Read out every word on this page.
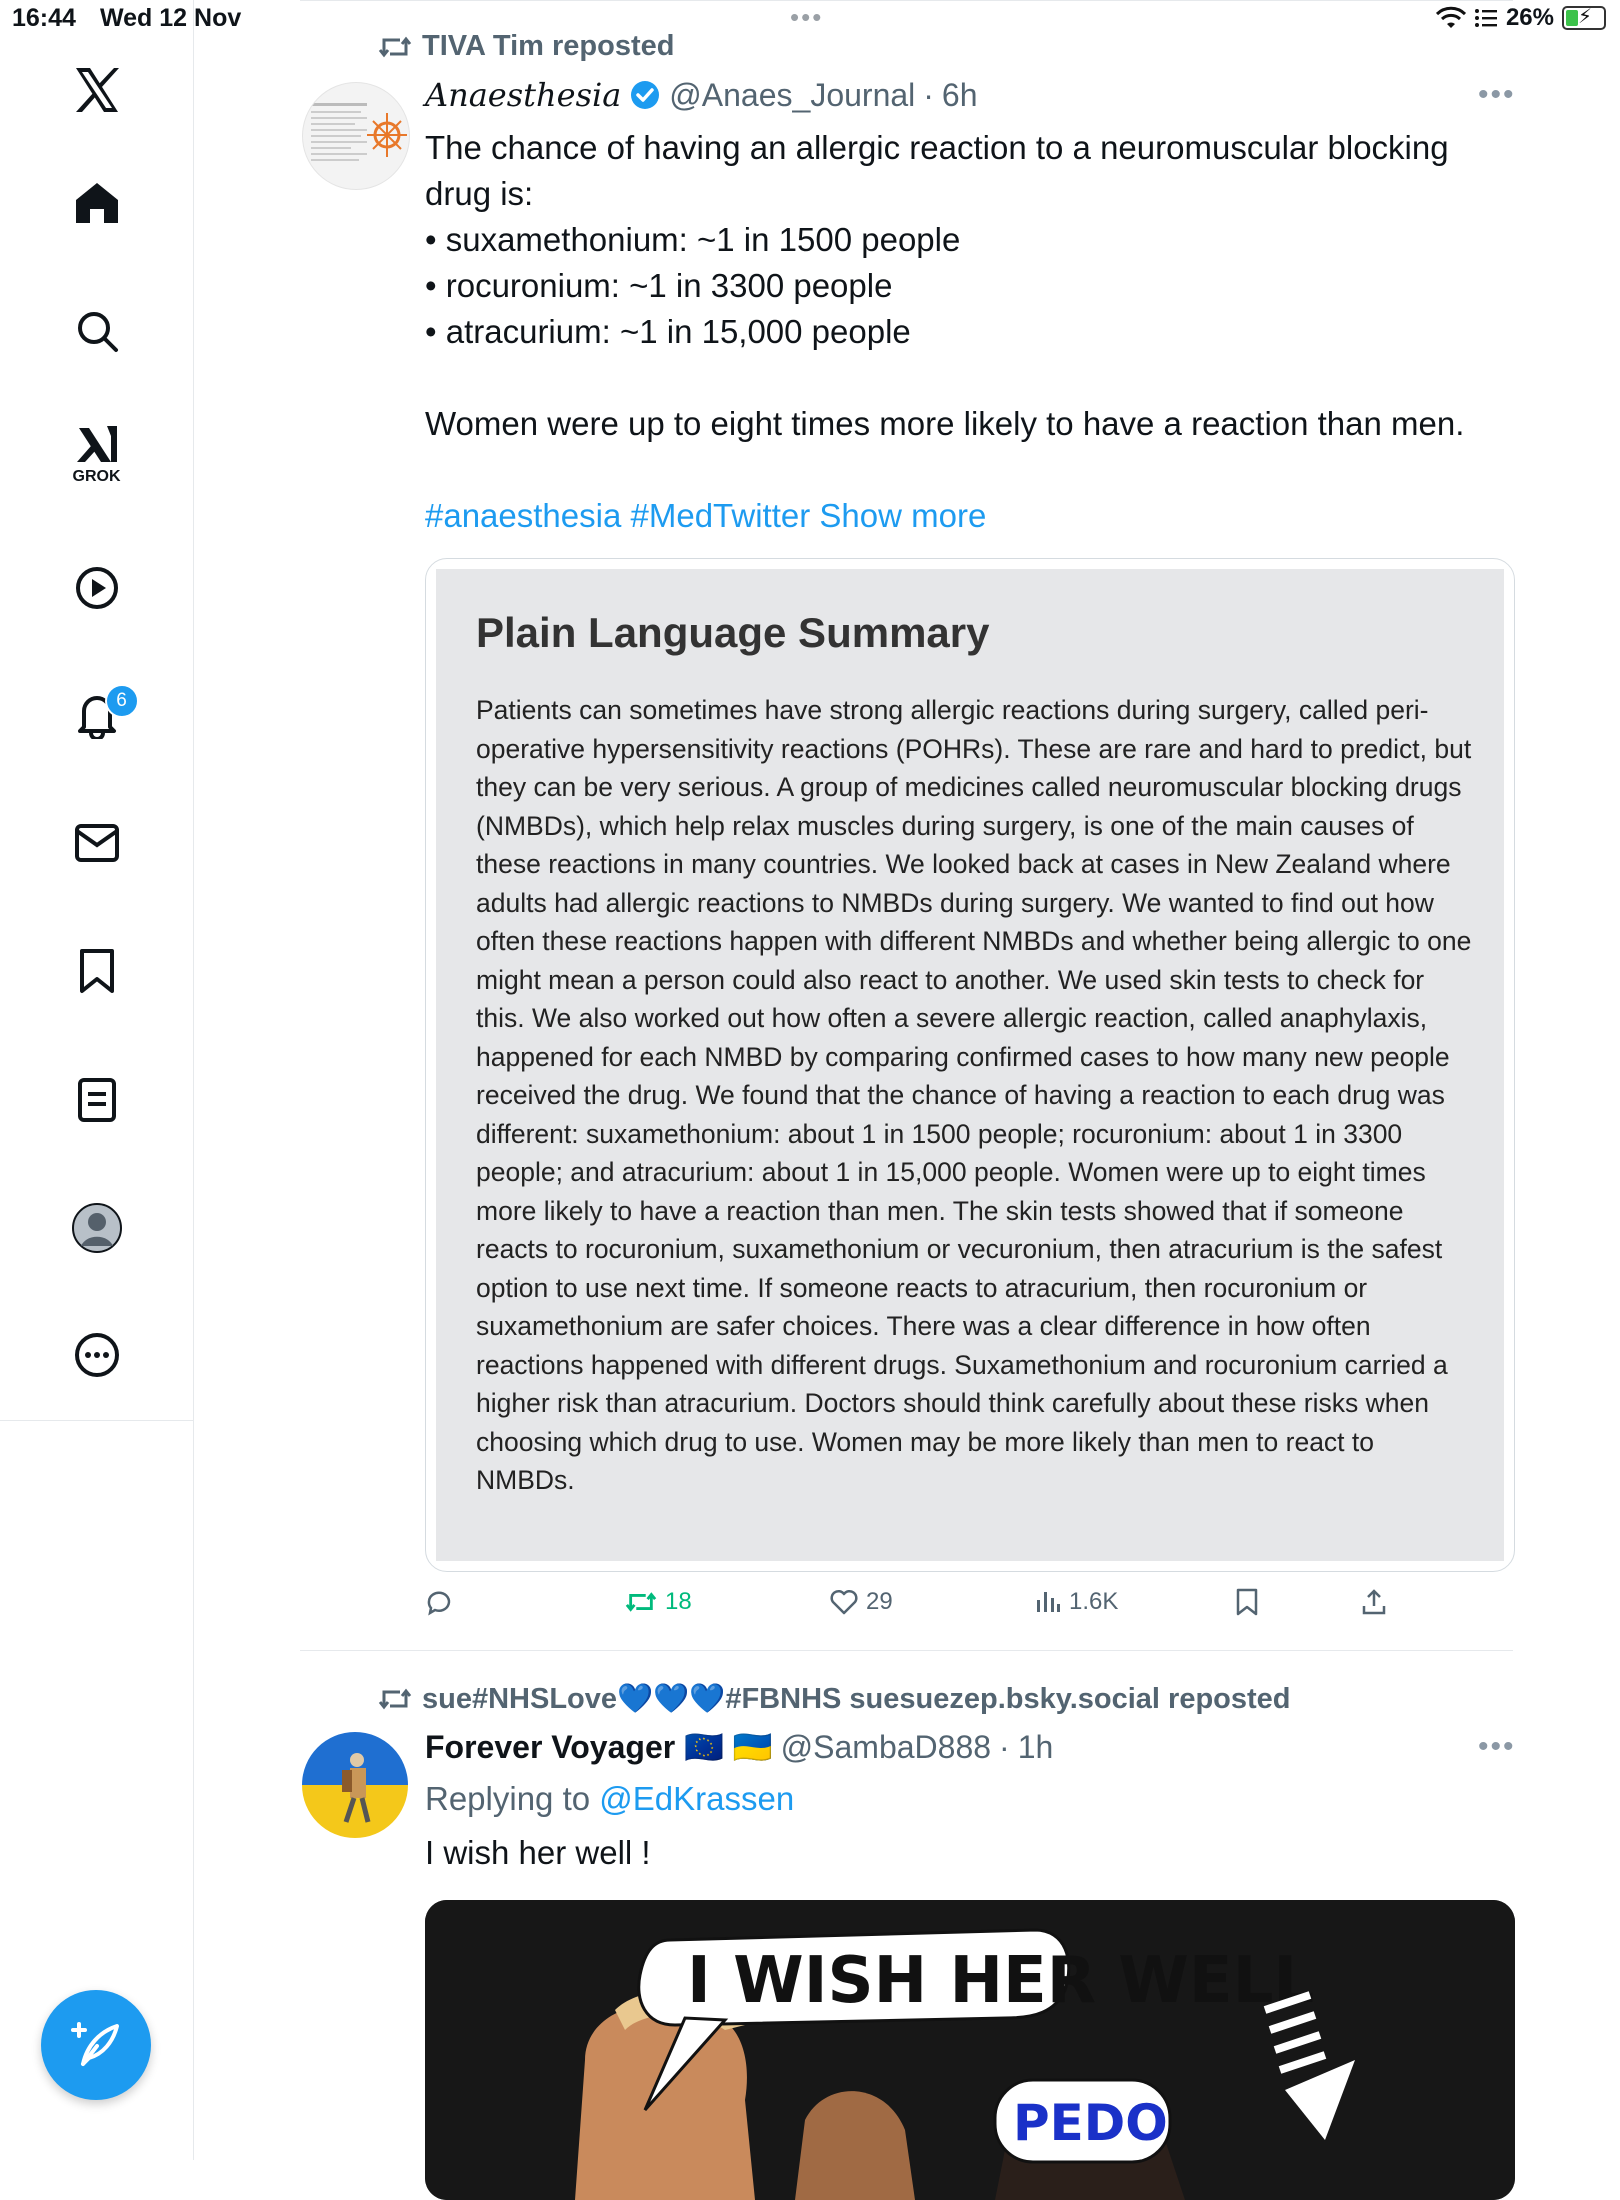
16:44 Wed 12 Nov	•••	26% ⚡
GROK
6
TIVA Tim reposted
Anaesthesia @Anaes_Journal · 6h	•••
The chance of having an allergic reaction to a neuromuscular blocking drug is:
• suxamethonium: ~1 in 1500 people
• rocuronium: ~1 in 3300 people
• atracurium: ~1 in 15,000 people
Women were up to eight times more likely to have a reaction than men.
#anaesthesia #MedTwitter Show more
Plain Language Summary
Patients can sometimes have strong allergic reactions during surgery, called peri-operative hypersensitivity reactions (POHRs). These are rare and hard to predict, but they can be very serious. A group of medicines called neuromuscular blocking drugs (NMBDs), which help relax muscles during surgery, is one of the main causes of these reactions in many countries. We looked back at cases in New Zealand where adults had allergic reactions to NMBDs during surgery. We wanted to find out how often these reactions happen with different NMBDs and whether being allergic to one might mean a person could also react to another. We used skin tests to check for this. We also worked out how often a severe allergic reaction, called anaphylaxis, happened for each NMBD by comparing confirmed cases to how many new people received the drug. We found that the chance of having a reaction to each drug was different: suxamethonium: about 1 in 1500 people; rocuronium: about 1 in 3300 people; and atracurium: about 1 in 15,000 people. Women were up to eight times more likely to have a reaction than men. The skin tests showed that if someone reacts to rocuronium, suxamethonium or vecuronium, then atracurium is the safest option to use next time. If someone reacts to atracurium, then rocuronium or suxamethonium are safer choices. There was a clear difference in how often reactions happened with different drugs. Suxamethonium and rocuronium carried a higher risk than atracurium. Doctors should think carefully about these risks when choosing which drug to use. Women may be more likely than men to react to NMBDs.
18	29	1.6K
sue#NHSLove💙💙💙#FBNHS suesuezep.bsky.social reposted
Forever Voyager 🇪🇺 🇺🇦 @SambaD888 · 1h	•••
Replying to @EdKrassen
I wish her well !
I WISH HER WELL
PEDO
